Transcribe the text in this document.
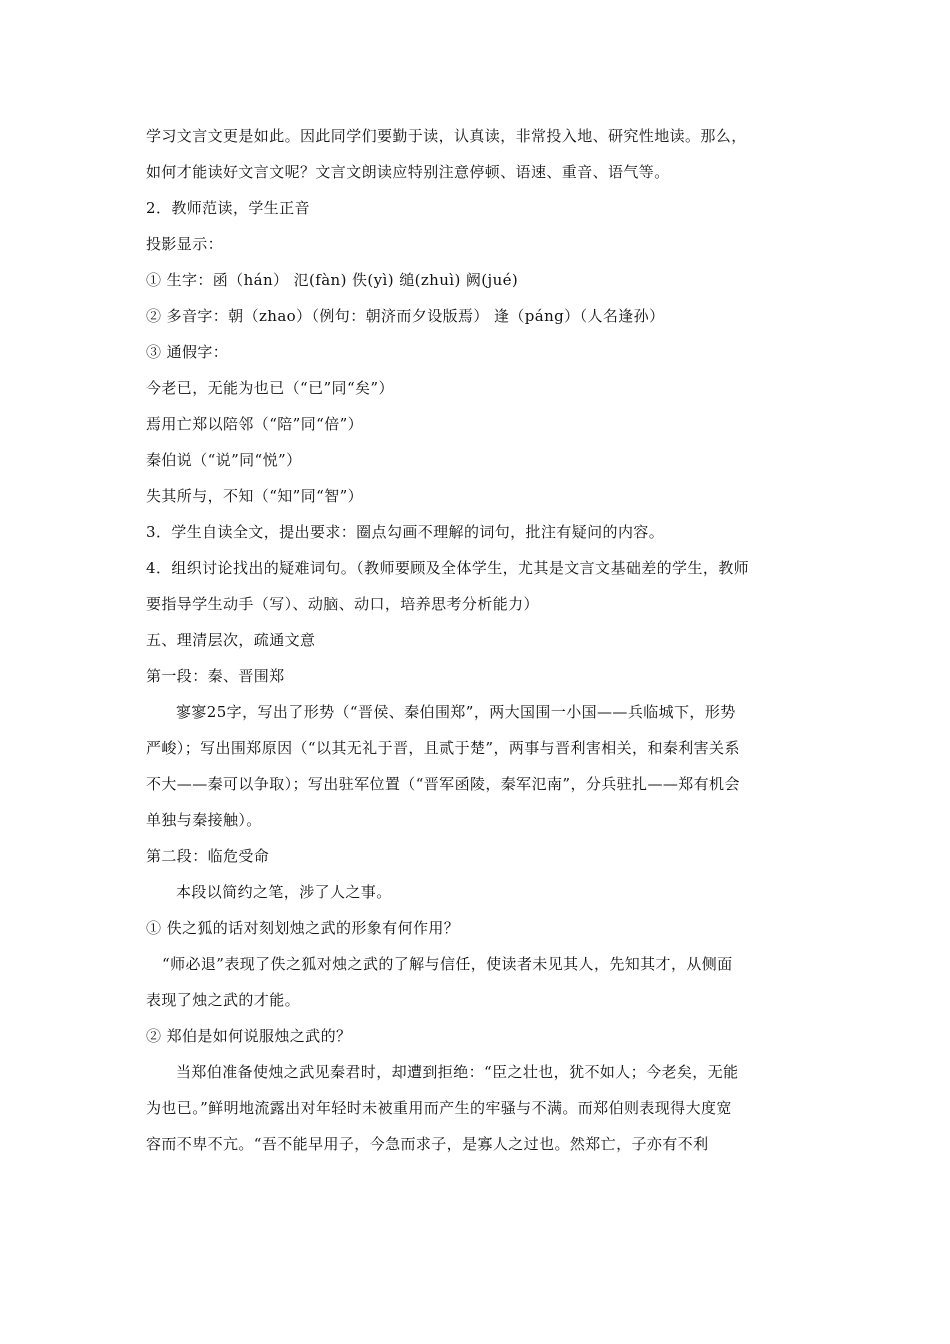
学习文言文更是如此。因此同学们要勤于读，认真读，非常投入地、研究性地读。那么，
如何才能读好文言文呢？文言文朗读应特别注意停顿、语速、重音、语气等。
2．教师范读，学生正音
投影显示：
① 生字：函（hán） 氾(fàn) 佚(yì) 缒(zhuì) 阙(jué)
② 多音字：朝（zhao）（例句：朝济而夕设版焉） 逢（páng）（人名逢孙）
③ 通假字：
今老已，无能为也已（“已”同“矣”）
焉用亡郑以陪邻（“陪”同“倍”）
秦伯说（“说”同“悦”）
失其所与，不知（“知”同“智”）
3．学生自读全文，提出要求：圈点勾画不理解的词句，批注有疑问的内容。
4．组织讨论找出的疑难词句。（教师要顾及全体学生，尤其是文言文基础差的学生，教师
要指导学生动手（写）、动脑、动口，培养思考分析能力）
五、理清层次，疏通文意
第一段：秦、晋围郑
寥寥25字，写出了形势（“晋侯、秦伯围郑”，两大国围一小国——兵临城下，形势
严峻）；写出围郑原因（“以其无礼于晋，且贰于楚”，两事与晋利害相关，和秦利害关系
不大——秦可以争取）；写出驻军位置（“晋军函陵，秦军氾南”，分兵驻扎——郑有机会
单独与秦接触）。
第二段：临危受命
本段以简约之笔，涉了人之事。
① 佚之狐的话对刻划烛之武的形象有何作用？
“师必退”表现了佚之狐对烛之武的了解与信任，使读者未见其人，先知其才，从侧面
表现了烛之武的才能。
② 郑伯是如何说服烛之武的？
当郑伯准备使烛之武见秦君时，却遭到拒绝：“臣之壮也，犹不如人；今老矣，无能
为也已。”鲜明地流露出对年轻时未被重用而产生的牢骚与不满。而郑伯则表现得大度宽
容而不卑不亢。“吾不能早用子，今急而求子，是寡人之过也。然郑亡，子亦有不利
